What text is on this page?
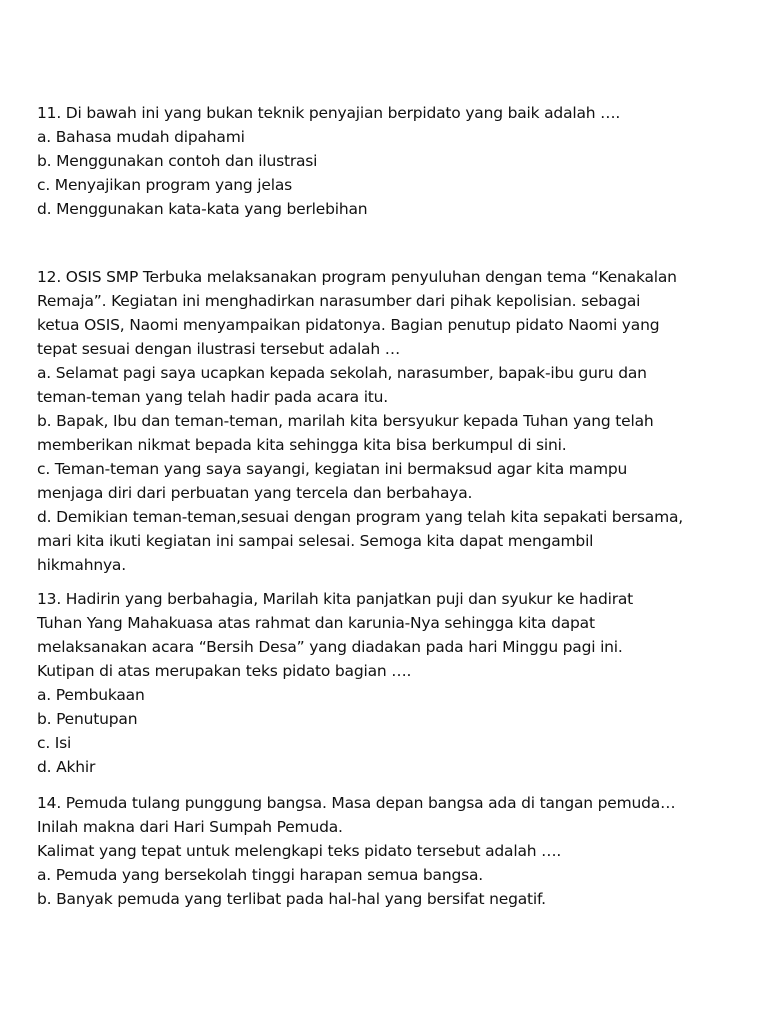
11. Di bawah ini yang bukan teknik penyajian berpidato yang baik adalah ….
a. Bahasa mudah dipahami
b. Menggunakan contoh dan ilustrasi
c. Menyajikan program yang jelas
d. Menggunakan kata-kata yang berlebihan
12. OSIS SMP Terbuka melaksanakan program penyuluhan dengan tema “Kenakalan
Remaja”. Kegiatan ini menghadirkan narasumber dari pihak kepolisian. sebagai
ketua OSIS, Naomi menyampaikan pidatonya. Bagian penutup pidato Naomi yang
tepat sesuai dengan ilustrasi tersebut adalah …
a. Selamat pagi saya ucapkan kepada sekolah, narasumber, bapak-ibu guru dan
teman-teman yang telah hadir pada acara itu.
b. Bapak, Ibu dan teman-teman, marilah kita bersyukur kepada Tuhan yang telah
memberikan nikmat bepada kita sehingga kita bisa berkumpul di sini.
c. Teman-teman yang saya sayangi, kegiatan ini bermaksud agar kita mampu
menjaga diri dari perbuatan yang tercela dan berbahaya.
d. Demikian teman-teman,sesuai dengan program yang telah kita sepakati bersama,
mari kita ikuti kegiatan ini sampai selesai. Semoga kita dapat mengambil
hikmahnya.
13. Hadirin yang berbahagia, Marilah kita panjatkan puji dan syukur ke hadirat
Tuhan Yang Mahakuasa atas rahmat dan karunia-Nya sehingga kita dapat
melaksanakan acara “Bersih Desa” yang diadakan pada hari Minggu pagi ini.
Kutipan di atas merupakan teks pidato bagian ….
a. Pembukaan
b. Penutupan
c. Isi
d. Akhir
14. Pemuda tulang punggung bangsa. Masa depan bangsa ada di tangan pemuda…
Inilah makna dari Hari Sumpah Pemuda.
Kalimat yang tepat untuk melengkapi teks pidato tersebut adalah ….
a. Pemuda yang bersekolah tinggi harapan semua bangsa.
b. Banyak pemuda yang terlibat pada hal-hal yang bersifat negatif.
